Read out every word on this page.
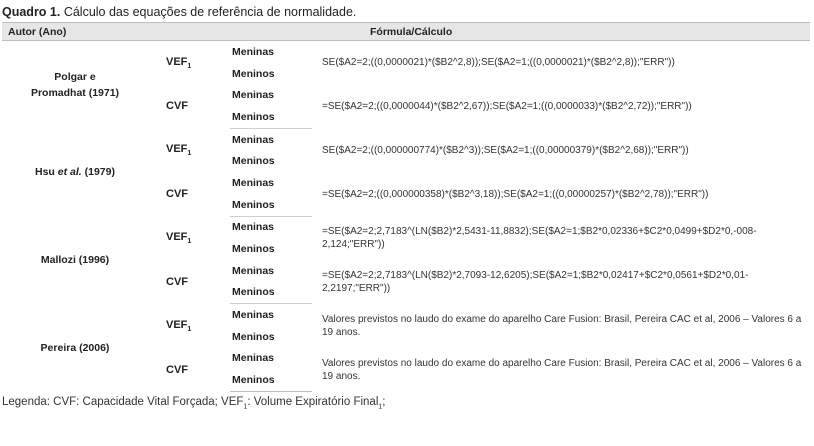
Quadro 1. Cálculo das equações de referência de normalidade.
Autor (Ano)			Fórmula/Cálculo

Polgar e
Promadhat (1971)	$VEF_1$	Meninas	SE($A2=2;((0,0000021)*($B2^2,8));SE($A2=1;((0,0000021)*($B2^2,8));"ERR"))
		Meninos	
	CVF	Meninas	=SE($A2=2;((0,0000044)*($B2^2,67));SE($A2=1;((0,0000033)*($B2^2,72));"ERR"))
		Meninos	

Hsu et al. (1979)	$VEF_1$	Meninas	SE($A2=2;((0,000000774)*($B2^3));SE($A2=1;((0,00000379)*($B2^2,68));"ERR"))
		Meninos	
	CVF	Meninas	=SE($A2=2;((0,000000358)*($B2^3,18));SE($A2=1;((0,00000257)*($B2^2,78));"ERR"))
		Meninos	

Mallozi (1996)	$VEF_1$	Meninas	=SE($A2=2;2,7183^(LN($B2)*2,5431-11,8832);SE($A2=1;$B2*0,02336+$C2*0,0499+$D2*0,-008-2,124;"ERR"))
		Meninos	
	CVF	Meninas	=SE($A2=2;2,7183^(LN($B2)*2,7093-12,6205);SE($A2=1;$B2*0,02417+$C2*0,0561+$D2*0,01-2,2197;"ERR"))
		Meninos	

Pereira (2006)	$VEF_1$	Meninas	Valores previstos no laudo do exame do aparelho Care Fusion: Brasil, Pereira CAC et al, 2006 – Valores 6 a 19 anos.
		Meninos	
	CVF	Meninas	Valores previstos no laudo do exame do aparelho Care Fusion: Brasil, Pereira CAC et al, 2006 – Valores 6 a 19 anos.
		Meninos	
Legenda: CVF: Capacidade Vital Forçada; $VEF_1$: Volume Expiratório Final$_1$;
